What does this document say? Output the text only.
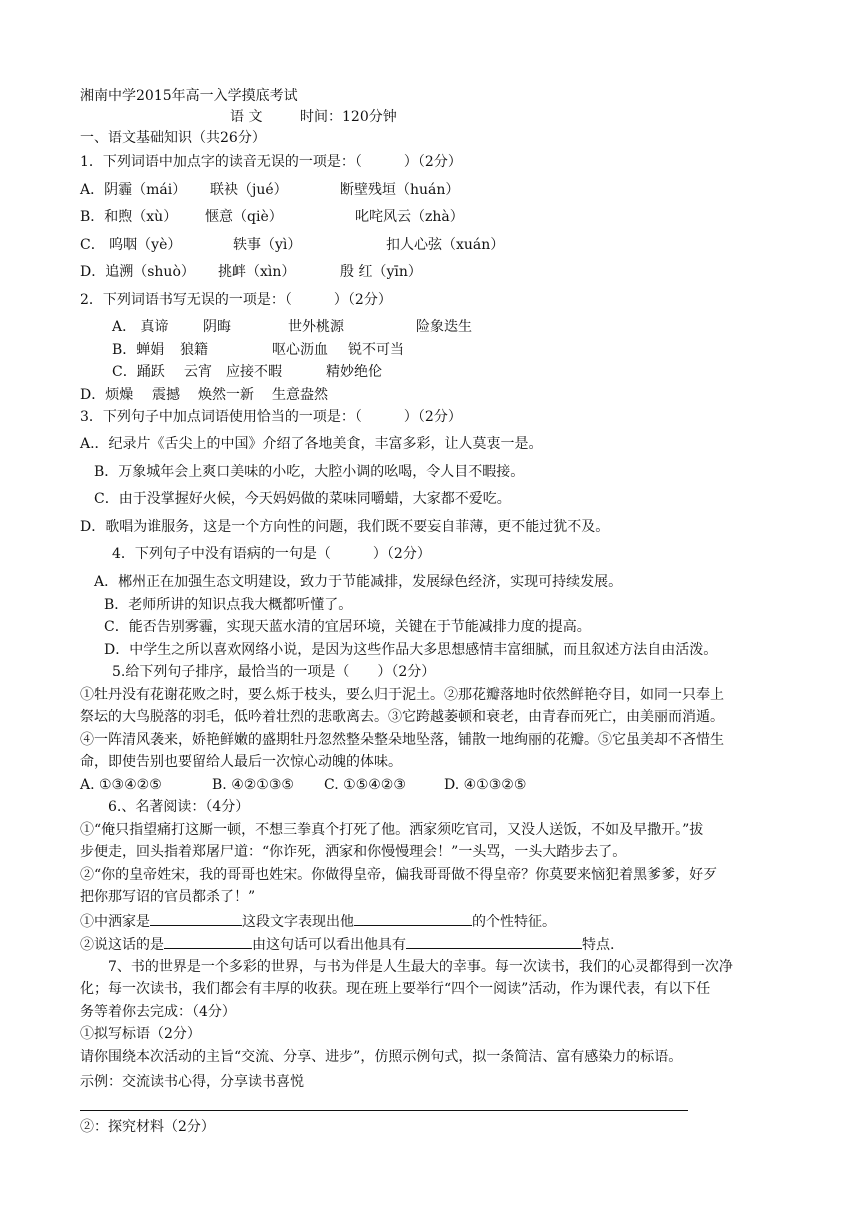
湘南中学2015年高一入学摸底考试
语 文	时间：120分钟
一、语文基础知识（共26分）
1．下列词语中加点字的读音无误的一项是：（　　　）（2分）
A．阴霾（mái） 联袂（jué）	断壁残垣（huán）
B．和煦（xù） 惬意（qiè）	叱咤风云（zhà）
C． 呜咽（yè）	轶事（yì）	扣人心弦（xuán）
D．追溯（shuò） 挑衅（xìn）	殷 红（yīn）
2．下列词语书写无误的一项是：（　　　）（2分）
A． 真谛 阴晦	世外桃源	险象迭生
B．蝉娟 狼籍	呕心沥血 锐不可当
C．踊跃 云宵 应接不暇	精妙绝伦
D．烦燥 震撼 焕然一新 生意盎然
3．下列句子中加点词语使用恰当的一项是：（　　　）（2分）
A.．纪录片《舌尖上的中国》介绍了各地美食，丰富多彩，让人莫衷一是。
B．万象城年会上爽口美味的小吃，大腔小调的吆喝，令人目不暇接。
C．由于没掌握好火候，今天妈妈做的菜味同嚼蜡，大家都不爱吃。
D．歌唱为谁服务，这是一个方向性的问题，我们既不要妄自菲薄，更不能过犹不及。
4．下列句子中没有语病的一句是（　　　）（2分）
A．郴州正在加强生态文明建设，致力于节能减排，发展绿色经济，实现可持续发展。
B．老师所讲的知识点我大概都听懂了。
C．能否告别雾霾，实现天蓝水清的宜居环境，关键在于节能减排力度的提高。
D．中学生之所以喜欢网络小说，是因为这些作品大多思想感情丰富细腻，而且叙述方法自由活泼。
5.给下列句子排序，最恰当的一项是（　　）（2分）
①牡丹没有花谢花败之时，要么烁于枝头，要么归于泥土。②那花瓣落地时依然鲜艳夺目，如同一只奉上
祭坛的大鸟脱落的羽毛，低吟着壮烈的悲歌离去。③它跨越萎顿和衰老，由青春而死亡，由美丽而消遁。
④一阵清风袭来，娇艳鲜嫩的盛期牡丹忽然整朵整朵地坠落，铺散一地绚丽的花瓣。⑤它虽美却不吝惜生
命，即使告别也要留给人最后一次惊心动魄的体味。
A. ①③④②⑤	B. ④②①③⑤ C. ①⑤④②③	D. ④①③②⑤
6.、名著阅读：（4分）
①“俺只指望痛打这厮一顿，不想三拳真个打死了他。洒家须吃官司，又没人送饭，不如及早撒开。”拔
步便走，回头指着郑屠尸道：“你诈死，洒家和你慢慢理会！”一头骂，一头大踏步去了。
②“你的皇帝姓宋，我的哥哥也姓宋。你做得皇帝，偏我哥哥做不得皇帝？你莫要来恼犯着黑爹爹，好歹
把你那写诏的官员都杀了！”
①中洒家是	这段文字表现出他	的个性特征。
②说这话的是	由这句话可以看出他具有	特点.
7、书的世界是一个多彩的世界，与书为伴是人生最大的幸事。每一次读书，我们的心灵都得到一次净
化；每一次读书，我们都会有丰厚的收获。现在班上要举行“四个一阅读”活动，作为课代表，有以下任
务等着你去完成：（4分）
①拟写标语（2分）
请你围绕本次活动的主旨“交流、分享、进步”，仿照示例句式，拟一条简洁、富有感染力的标语。
示例：交流读书心得，分享读书喜悦
②：探究材料（2分）
